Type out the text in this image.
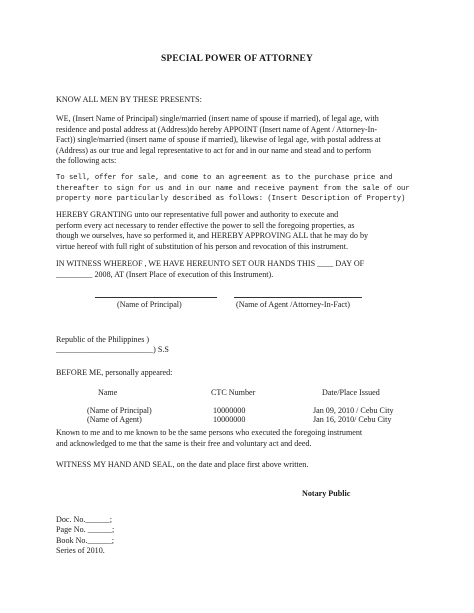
SPECIAL POWER OF ATTORNEY
KNOW ALL MEN BY THESE PRESENTS:
WE, (Insert Name of Principal) single/married (insert name of spouse if married), of legal age, with
residence and postal address at (Address)do hereby APPOINT (Insert name of Agent / Attorney-In-
Fact)) single/married (insert name of spouse if married), likewise of legal age, with postal address at
(Address) as our true and legal representative to act for and in our name and stead and to perform
the following acts:
To sell, offer for sale, and come to an agreement as to the purchase price and
thereafter to sign for us and in our name and receive payment from the sale of our
property more particularly described as follows: (Insert Description of Property)
HEREBY GRANTING unto our representative full power and authority to execute and
perform every act necessary to render effective the power to sell the foregoing properties, as
though we ourselves, have so performed it, and HEREBY APPROVING ALL that he may do by
virtue hereof with full right of substitution of his person and revocation of this instrument.
IN WITNESS WHEREOF , WE HAVE HEREUNTO SET OUR HANDS THIS ____ DAY OF
_________ 2008, AT (Insert Place of execution of this Instrument).
(Name of Principal)	(Name of Agent /Attorney-In-Fact)
Republic of the Philippines )
________________________) S.S
BEFORE ME, personally appeared:
Name	CTC Number	Date/Place Issued
(Name of Principal)	10000000	Jan 09, 2010 / Cebu City
(Name of Agent)	10000000	Jan 16, 2010/ Cebu City
Known to me and to me known to be the same persons who executed the foregoing instrument
and acknowledged to me that the same is their free and voluntary act and deed.
WITNESS MY HAND AND SEAL, on the date and place first above written.
Notary Public
Doc. No.______;
Page No. ______;
Book No.______;
Series of 2010.
